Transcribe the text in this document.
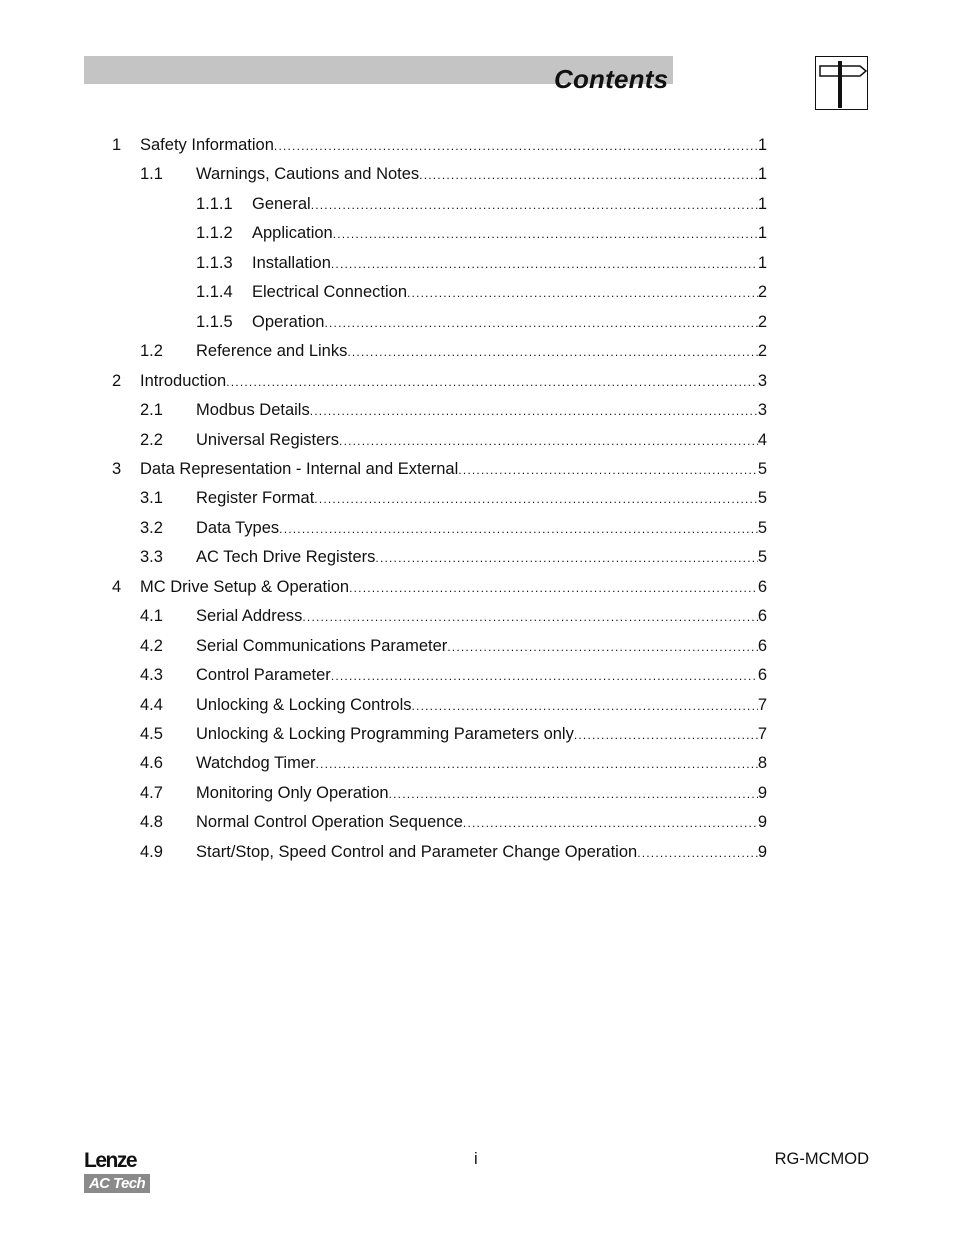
Contents
1 Safety Information .....	1
1.1 Warnings, Cautions and Notes .....	1
1.1.1 General .....	1
1.1.2 Application .....	1
1.1.3 Installation .....	1
1.1.4 Electrical Connection .....	2
1.1.5 Operation .....	2
1.2 Reference and Links .....	2
2 Introduction .....	3
2.1 Modbus Details .....	3
2.2 Universal Registers .....	4
3 Data Representation - Internal and External .....	5
3.1 Register Format .....	5
3.2 Data Types .....	5
3.3 AC Tech Drive Registers .....	5
4 MC Drive Setup & Operation .....	6
4.1 Serial Address .....	6
4.2 Serial Communications Parameter .....	6
4.3 Control Parameter .....	6
4.4 Unlocking & Locking Controls .....	7
4.5 Unlocking & Locking Programming Parameters only .....	7
4.6 Watchdog Timer .....	8
4.7 Monitoring Only Operation .....	9
4.8 Normal Control Operation Sequence .....	9
4.9 Start/Stop, Speed Control and Parameter Change Operation .....	9
Lenze
AC Tech
i	RG-MCMOD
